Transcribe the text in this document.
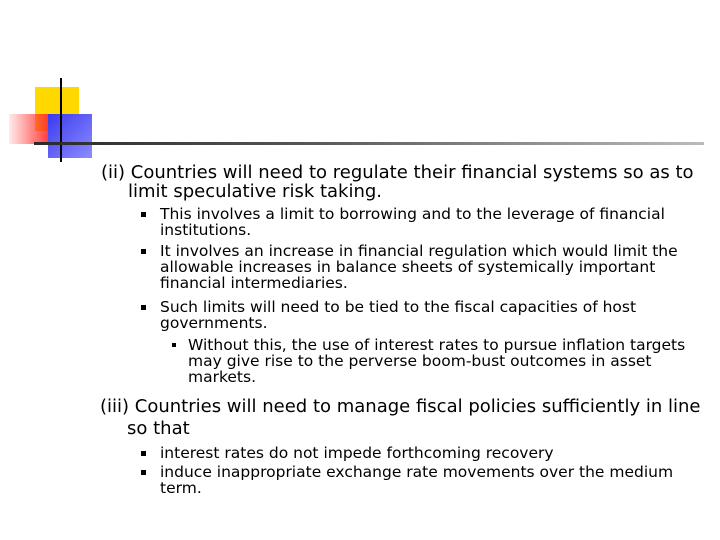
(ii) Countries will need to regulate their financial systems so as to
limit speculative risk taking.
This involves a limit to borrowing and to the leverage of financial
institutions.
It involves an increase in financial regulation which would limit the
allowable increases in balance sheets of systemically important
financial intermediaries.
Such limits will need to be tied to the fiscal capacities of host
governments.
Without this, the use of interest rates to pursue inflation targets
may give rise to the perverse boom-bust outcomes in asset
markets.
(iii) Countries will need to manage fiscal policies sufficiently in line
so that
interest rates do not impede forthcoming recovery
induce inappropriate exchange rate movements over the medium
term.
